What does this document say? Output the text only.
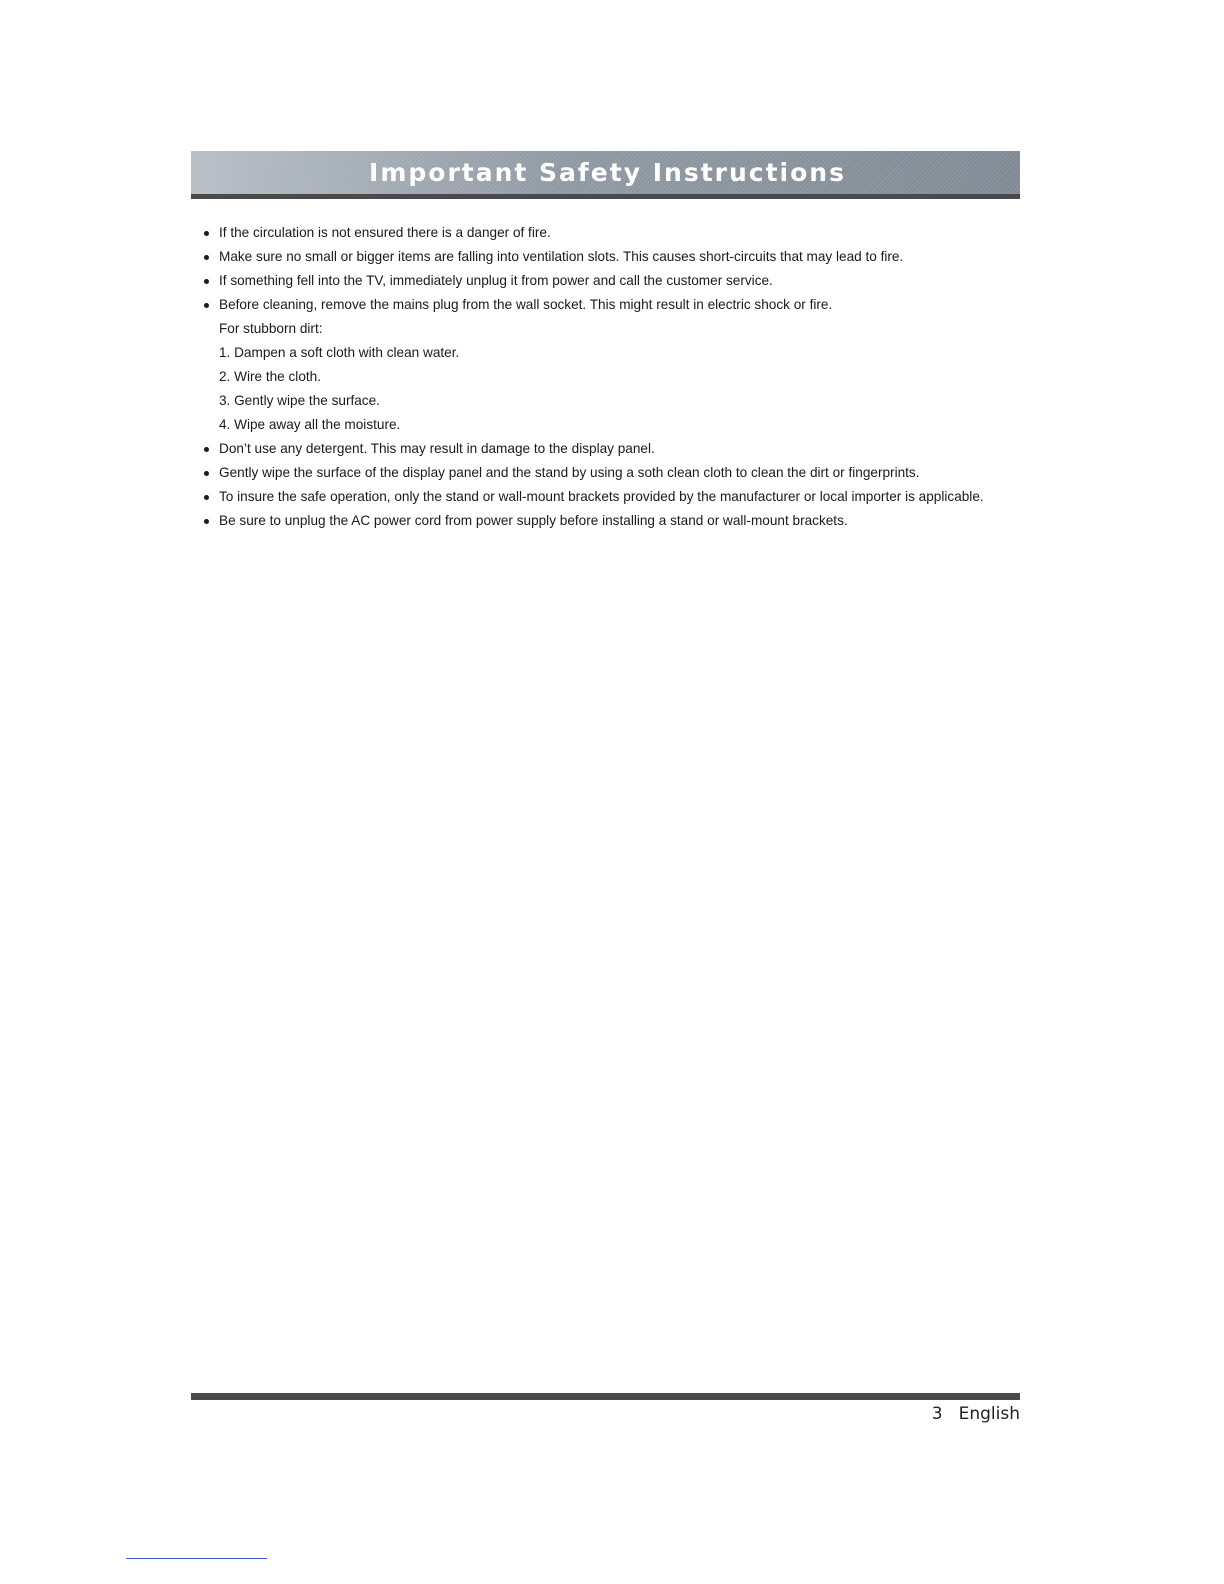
Important Safety Instructions
If the circulation is not ensured there is a danger of fire.
Make sure no small or bigger items are falling into ventilation slots. This causes short-circuits that may lead to fire.
If something fell into the TV, immediately unplug it from power and call the customer service.
Before cleaning, remove the mains plug from the wall socket. This might result in electric shock or fire.
For stubborn dirt:
1. Dampen a soft cloth with clean water.
2. Wire the cloth.
3. Gently wipe the surface.
4. Wipe away all the moisture.
Don’t use any detergent. This may result in damage to the display panel.
Gently wipe the surface of the display panel and the stand by using a soth clean cloth to clean the dirt or fingerprints.
To insure the safe operation, only the stand or wall-mount brackets provided by the manufacturer or local importer is applicable.
Be sure to unplug the AC power cord from power supply before installing a stand or wall-mount brackets.
3 English
